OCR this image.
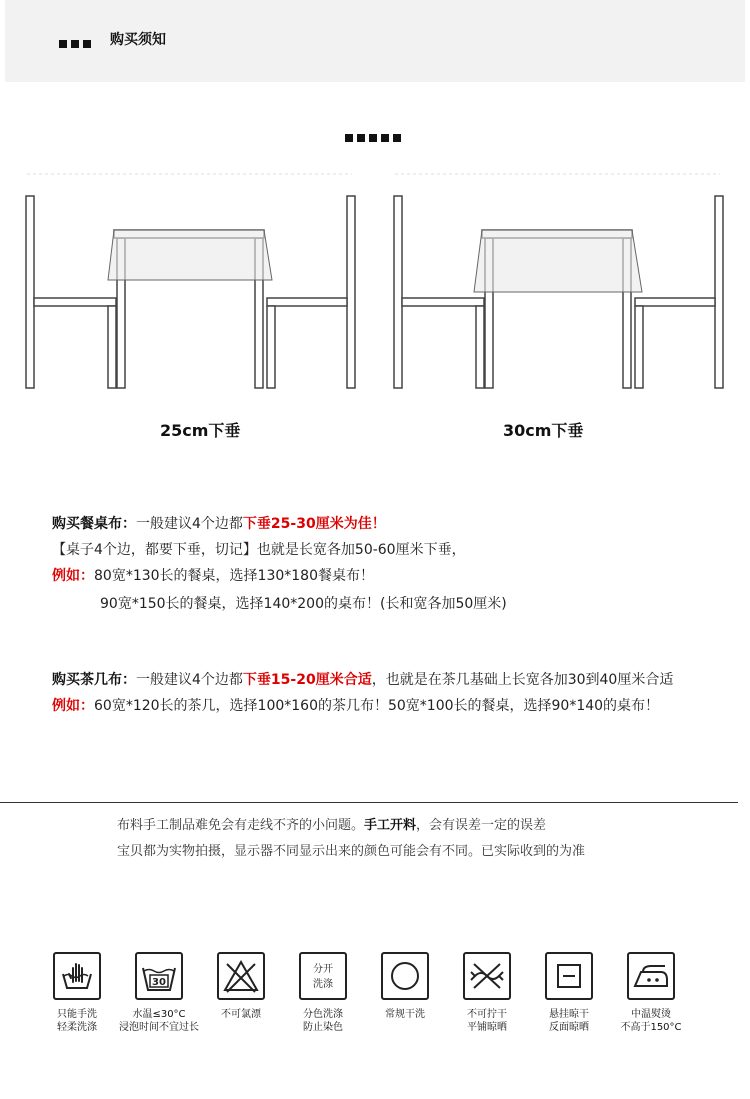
购买须知
25cm下垂	30cm下垂
购买餐桌布：一般建议4个边都下垂25-30厘米为佳！
【桌子4个边，都要下垂，切记】也就是长宽各加50-60厘米下垂，
例如：80宽*130长的餐桌，选择130*180餐桌布！
90宽*150长的餐桌，选择140*200的桌布！(长和宽各加50厘米)
购买茶几布：一般建议4个边都下垂15-20厘米合适，也就是在茶几基础上长宽各加30到40厘米合适
例如：60宽*120长的茶几，选择100*160的茶几布！50宽*100长的餐桌，选择90*140的桌布！
布料手工制品难免会有走线不齐的小问题。手工开料，会有误差一定的误差
宝贝都为实物拍摄，显示器不同显示出来的颜色可能会有不同。已实际收到的为准
只能手洗
轻柔洗涤
30
水温≤30°C
浸泡时间不宜过长
不可氯漂
分开
洗涤
分色洗涤
防止染色
常规干洗	不可拧干
平铺晾晒
悬挂晾干
反面晾晒
中温熨烫
不高于150°C
